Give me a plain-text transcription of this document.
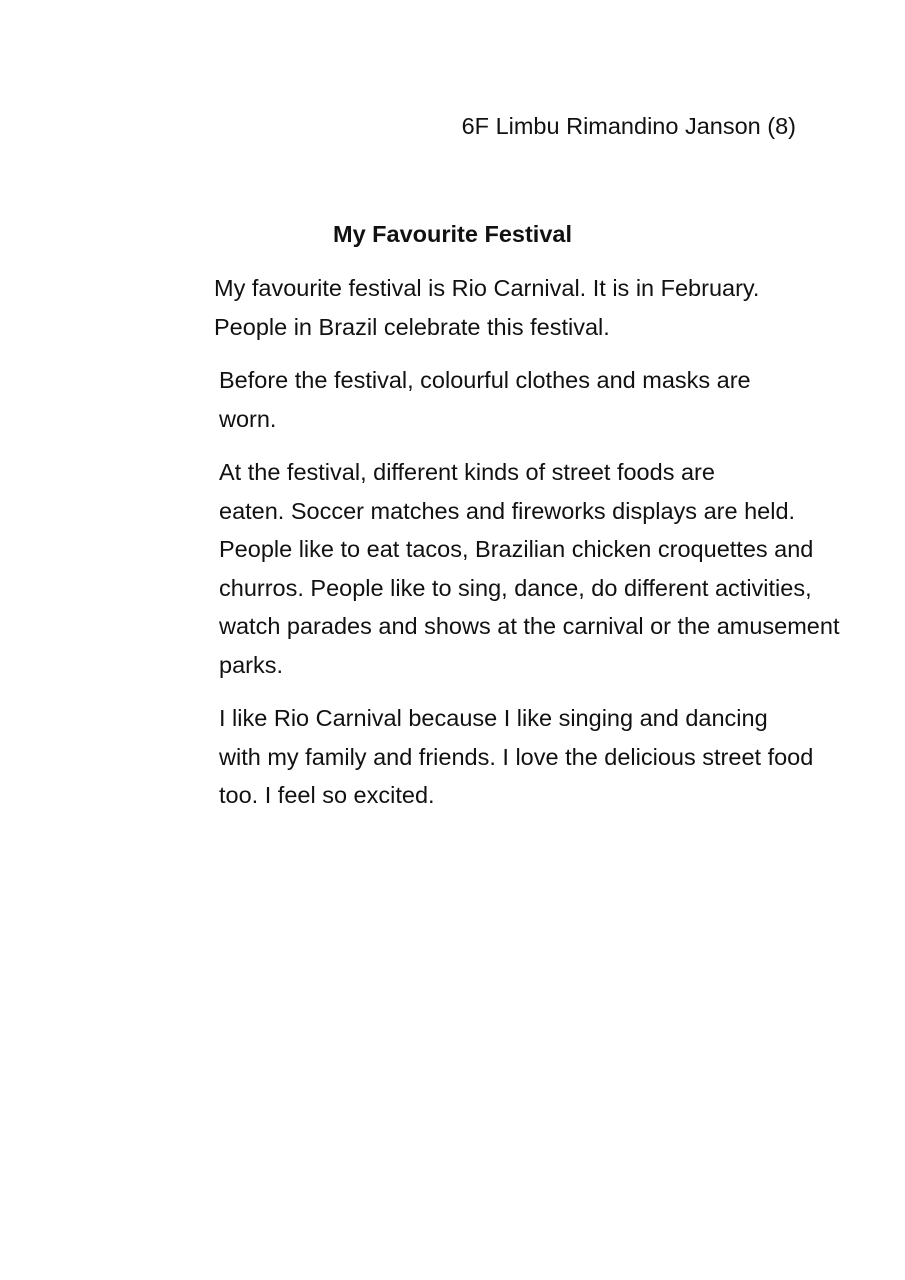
6F Limbu Rimandino Janson (8)
My Favourite Festival

My favourite festival is Rio Carnival. It is in February.
People in Brazil celebrate this festival.

Before the festival, colourful clothes and masks are
worn.

At the festival, different kinds of street foods are
eaten. Soccer matches and fireworks displays are held.
People like to eat tacos, Brazilian chicken croquettes and
churros. People like to sing, dance, do different activities,
watch parades and shows at the carnival or the amusement
parks.

I like Rio Carnival because I like singing and dancing
with my family and friends. I love the delicious street food
too. I feel so excited.
